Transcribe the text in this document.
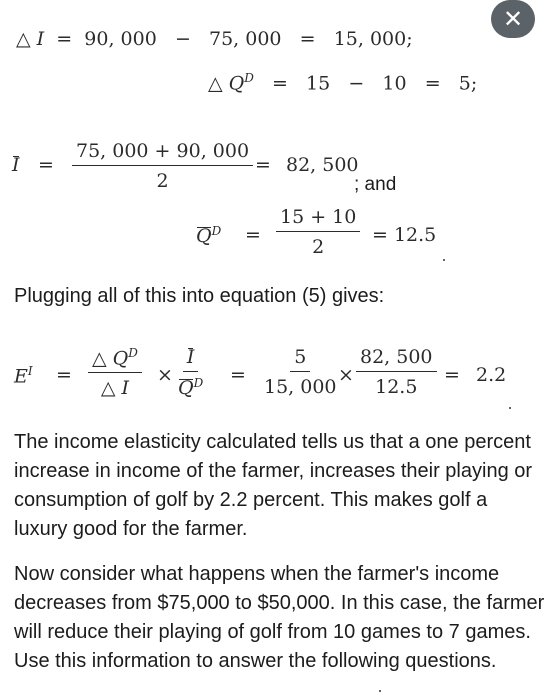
✕
△ I = 90, 000 − 75, 000 = 15, 000;
△ $Q^D = 15 - 10 = 5$;
$I = \frac{75, 000 + 90, 000}{2} = 82$, 500
; and
$Q^D = \frac{15 + 10}{2} = 12.5$

Plugging all of this into equation (5) gives:

$E^I = \frac{\triangle Q^D}{\triangle I} \times \frac{I}{Q^D} = \frac{5}{15, 000} \times \frac{82, 500}{12.5} = 2.2$

The income elasticity calculated tells us that a one percent increase in income of the farmer, increases their playing or consumption of golf by 2.2 percent. This makes golf a luxury good for the farmer.

Now consider what happens when the farmer's income decreases from $75,000 to $50,000. In this case, the farmer will reduce their playing of golf from 10 games to 7 games. Use this information to answer the following questions.
